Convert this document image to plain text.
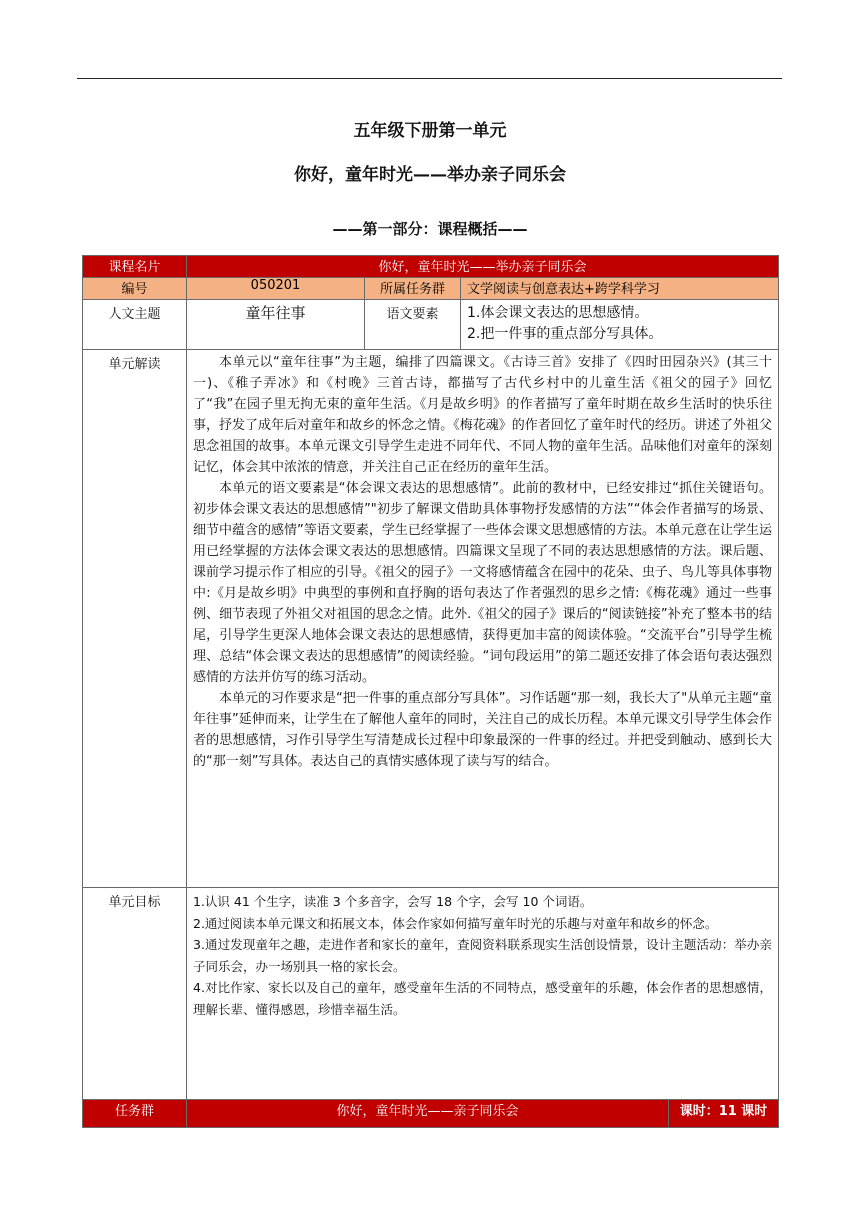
五年级下册第一单元
你好，童年时光——举办亲子同乐会
——第一部分：课程概括——
课程名片	你好，童年时光——举办亲子同乐会			
编号	050201	所属任务群	文学阅读与创意表达+跨学科学习	
人文主题	童年往事	语文要素	1.体会课文表达的思想感情。
2.把一件事的重点部分写具体。	

单元解读	本单元以“童年往事”为主题，编排了四篇课文。《古诗三首》安排了《四时田园杂兴》(其三十一)、《稚子弄冰》和《村晚》三首古诗，都描写了古代乡村中的儿童生活《祖父的园子》回忆了“我”在园子里无拘无束的童年生活。《月是故乡明》的作者描写了童年时期在故乡生活时的快乐往事，抒发了成年后对童年和故乡的怀念之情。《梅花魂》的作者回忆了童年时代的经历。讲述了外祖父思念祖国的故事。本单元课文引导学生走进不同年代、不同人物的童年生活。品味他们对童年的深刻记忆，体会其中浓浓的情意，并关注自己正在经历的童年生活。

本单元的语文要素是“体会课文表达的思想感情”。此前的教材中，已经安排过“抓住关键语句。初步体会课文表达的思想感情”"初步了解课文借助具体事物抒发感情的方法”“体会作者描写的场景、细节中蕴含的感情”等语文要素，学生已经掌握了一些体会课文思想感情的方法。本单元意在让学生运用已经掌握的方法体会课文表达的思想感情。四篇课文呈现了不同的表达思想感情的方法。课后题、课前学习提示作了相应的引导。《祖父的园子》一文将感情蕴含在园中的花朵、虫子、鸟儿等具体事物中:《月是故乡明》中典型的事例和直抒胸的语句表达了作者强烈的思乡之情:《梅花魂》通过一些事例、细节表现了外祖父对祖国的思念之情。此外.《祖父的园子》课后的“阅读链接”补充了整本书的结尾，引导学生更深人地体会课文表达的思想感情，获得更加丰富的阅读体验。“交流平台”引导学生梳理、总结“体会课文表达的思想感情”的阅读经验。“词句段运用”的第二题还安排了体会语句表达强烈感情的方法并仿写的练习活动。

本单元的习作要求是“把一件事的重点部分写具体”。习作话题“那一刻，我长大了"从单元主题“童年往事”延伸而来，让学生在了解他人童年的同时，关注自己的成长历程。本单元课文引导学生体会作者的思想感情，习作引导学生写清楚成长过程中印象最深的一件事的经过。并把受到触动、感到长大的“那一刻”写具体。表达自己的真情实感体现了读与写的结合。			

单元目标	1.认识 41 个生字，读准 3 个多音字，会写 18 个字，会写 10 个词语。

2.通过阅读本单元课文和拓展文本，体会作家如何描写童年时光的乐趣与对童年和故乡的怀念。

3.通过发现童年之趣，走进作者和家长的童年，查阅资料联系现实生活创设情景，设计主题活动：举办亲子同乐会，办一场别具一格的家长会。

4.对比作家、家长以及自己的童年，感受童年生活的不同特点，感受童年的乐趣，体会作者的思想感情，理解长辈、懂得感恩，珍惜幸福生活。			

任务群	你好，童年时光——亲子同乐会			课时：11 课时
